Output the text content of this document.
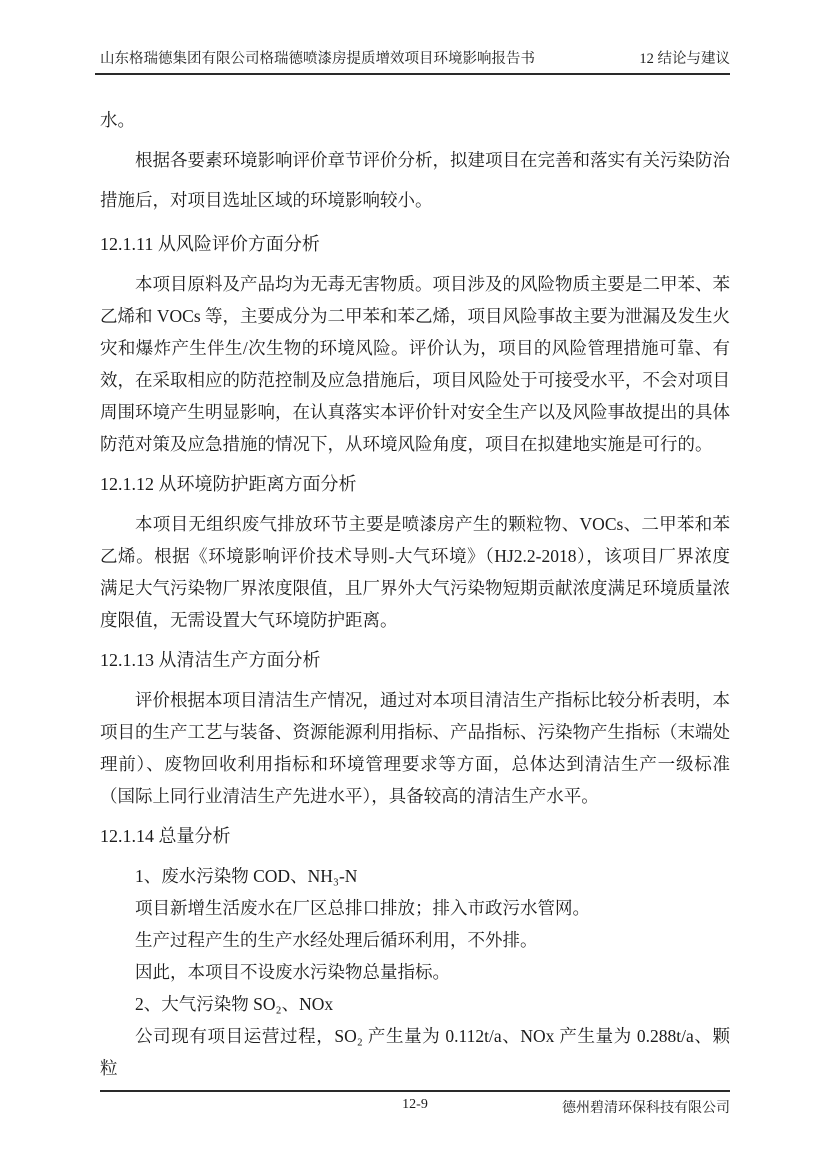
山东格瑞德集团有限公司格瑞德喷漆房提质增效项目环境影响报告书	12 结论与建议

水。

根据各要素环境影响评价章节评价分析，拟建项目在完善和落实有关污染防治措施后，对项目选址区域的环境影响较小。

12.1.11 从风险评价方面分析

本项目原料及产品均为无毒无害物质。项目涉及的风险物质主要是二甲苯、苯乙烯和 VOCs 等，主要成分为二甲苯和苯乙烯，项目风险事故主要为泄漏及发生火灾和爆炸产生伴生/次生物的环境风险。评价认为，项目的风险管理措施可靠、有效，在采取相应的防范控制及应急措施后，项目风险处于可接受水平，不会对项目周围环境产生明显影响，在认真落实本评价针对安全生产以及风险事故提出的具体防范对策及应急措施的情况下，从环境风险角度，项目在拟建地实施是可行的。

12.1.12 从环境防护距离方面分析

本项目无组织废气排放环节主要是喷漆房产生的颗粒物、VOCs、二甲苯和苯乙烯。根据《环境影响评价技术导则-大气环境》（HJ2.2-2018），该项目厂界浓度满足大气污染物厂界浓度限值，且厂界外大气污染物短期贡献浓度满足环境质量浓度限值，无需设置大气环境防护距离。

12.1.13 从清洁生产方面分析

评价根据本项目清洁生产情况，通过对本项目清洁生产指标比较分析表明，本项目的生产工艺与装备、资源能源利用指标、产品指标、污染物产生指标（末端处理前）、废物回收利用指标和环境管理要求等方面，总体达到清洁生产一级标准（国际上同行业清洁生产先进水平），具备较高的清洁生产水平。

12.1.14 总量分析

1、废水污染物 COD、NH₃-N

项目新增生活废水在厂区总排口排放；排入市政污水管网。

生产过程产生的生产水经处理后循环利用，不外排。

因此，本项目不设废水污染物总量指标。

2、大气污染物 SO₂、NOx

公司现有项目运营过程，SO₂ 产生量为 0.112t/a、NOx 产生量为 0.288t/a、颗粒

12-9	德州碧清环保科技有限公司
